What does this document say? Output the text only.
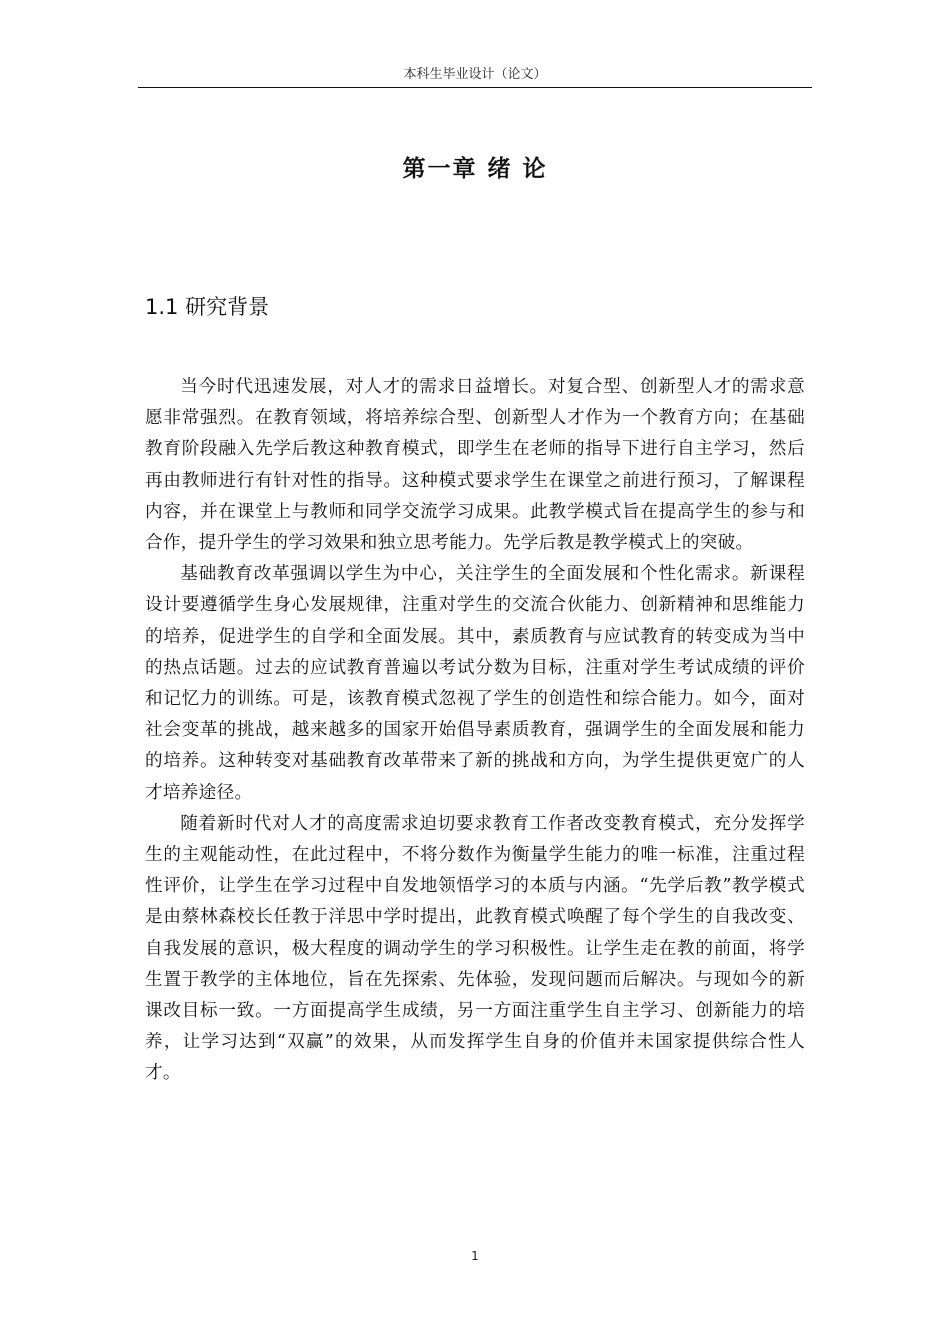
本科生毕业设计（论文）
第一章 绪 论
1.1 研究背景

当今时代迅速发展，对人才的需求日益增长。对复合型、创新型人才的需求意愿非常强烈。在教育领域，将培养综合型、创新型人才作为一个教育方向；在基础教育阶段融入先学后教这种教育模式，即学生在老师的指导下进行自主学习，然后再由教师进行有针对性的指导。这种模式要求学生在课堂之前进行预习，了解课程内容，并在课堂上与教师和同学交流学习成果。此教学模式旨在提高学生的参与和合作，提升学生的学习效果和独立思考能力。先学后教是教学模式上的突破。

基础教育改革强调以学生为中心，关注学生的全面发展和个性化需求。新课程设计要遵循学生身心发展规律，注重对学生的交流合伙能力、创新精神和思维能力的培养，促进学生的自学和全面发展。其中，素质教育与应试教育的转变成为当中的热点话题。过去的应试教育普遍以考试分数为目标，注重对学生考试成绩的评价和记忆力的训练。可是，该教育模式忽视了学生的创造性和综合能力。如今，面对社会变革的挑战，越来越多的国家开始倡导素质教育，强调学生的全面发展和能力的培养。这种转变对基础教育改革带来了新的挑战和方向，为学生提供更宽广的人才培养途径。

随着新时代对人才的高度需求迫切要求教育工作者改变教育模式，充分发挥学生的主观能动性，在此过程中，不将分数作为衡量学生能力的唯一标准，注重过程性评价，让学生在学习过程中自发地领悟学习的本质与内涵。“先学后教”教学模式是由蔡林森校长任教于洋思中学时提出，此教育模式唤醒了每个学生的自我改变、自我发展的意识，极大程度的调动学生的学习积极性。让学生走在教的前面，将学生置于教学的主体地位，旨在先探索、先体验，发现问题而后解决。与现如今的新课改目标一致。一方面提高学生成绩，另一方面注重学生自主学习、创新能力的培养，让学习达到“双赢”的效果，从而发挥学生自身的价值并未国家提供综合性人才。

1
